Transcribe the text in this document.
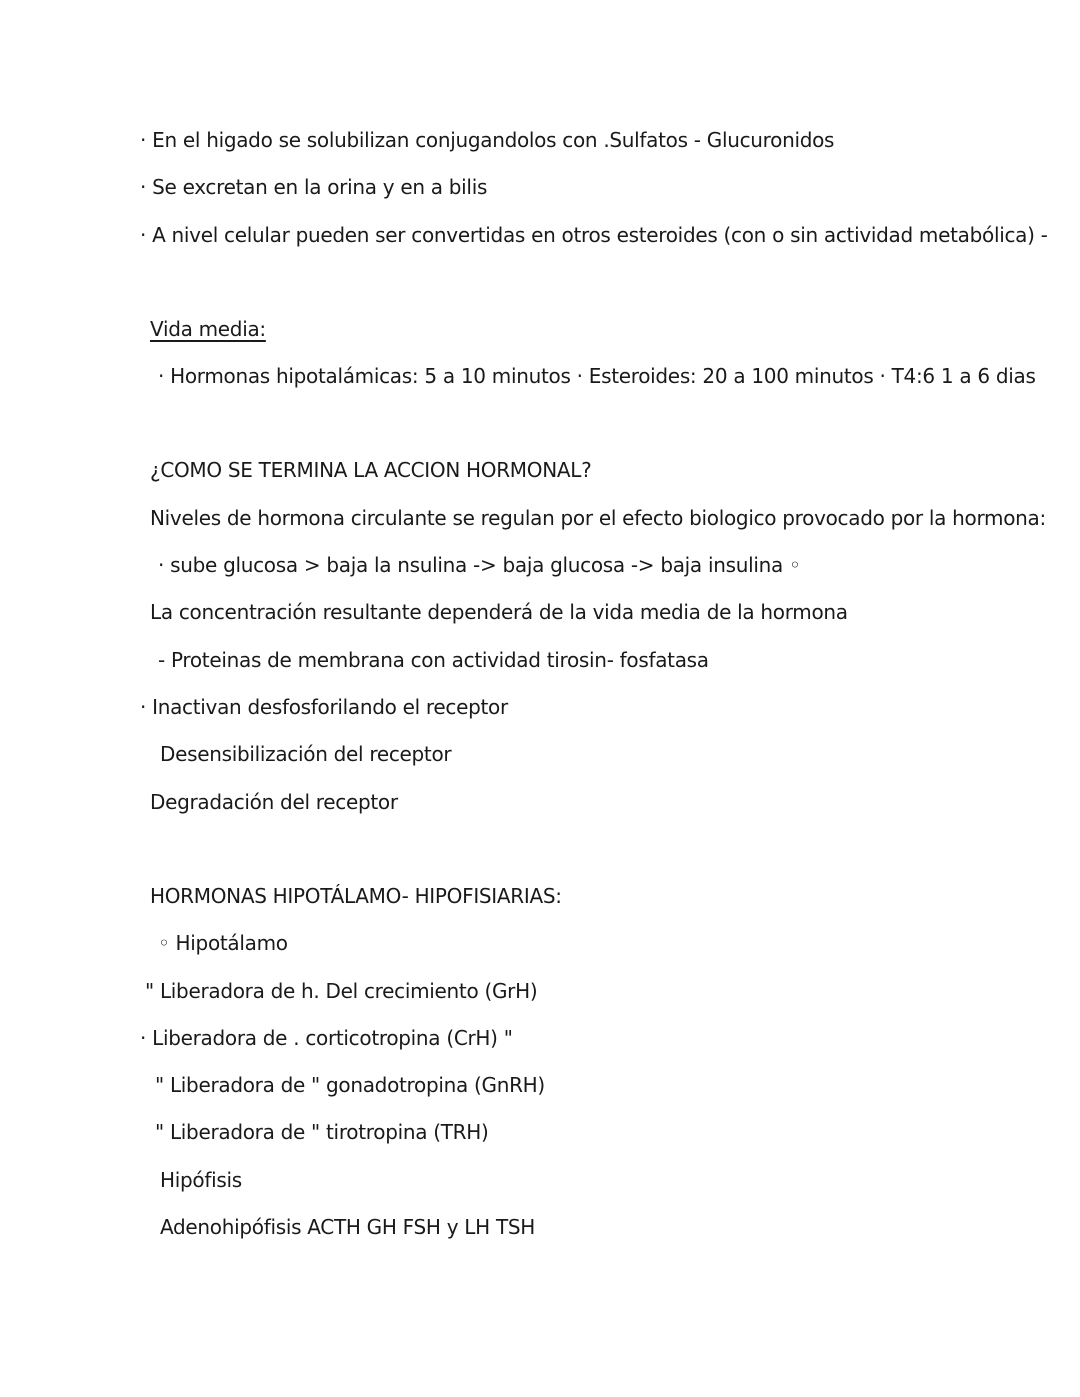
· En el higado se solubilizan conjugandolos con .Sulfatos - Glucuronidos
· Se excretan en la orina y en a bilis
· A nivel celular pueden ser convertidas en otros esteroides (con o sin actividad metabólica) -
Vida media:
· Hormonas hipotalámicas: 5 a 10 minutos · Esteroides: 20 a 100 minutos · T4:6 1 a 6 dias
¿COMO SE TERMINA LA ACCION HORMONAL?
Niveles de hormona circulante se regulan por el efecto biologico provocado por la hormona:
· sube glucosa > baja la nsulina -> baja glucosa -> baja insulina ◦
La concentración resultante dependerá de la vida media de la hormona
- Proteinas de membrana con actividad tirosin- fosfatasa
· Inactivan desfosforilando el receptor
Desensibilización del receptor
Degradación del receptor
HORMONAS HIPOTÁLAMO- HIPOFISIARIAS:
◦ Hipotálamo
" Liberadora de h. Del crecimiento (GrH)
· Liberadora de . corticotropina (CrH) "
" Liberadora de " gonadotropina (GnRH)
" Liberadora de " tirotropina (TRH)
Hipófisis
Adenohipófisis ACTH GH FSH y LH TSH
